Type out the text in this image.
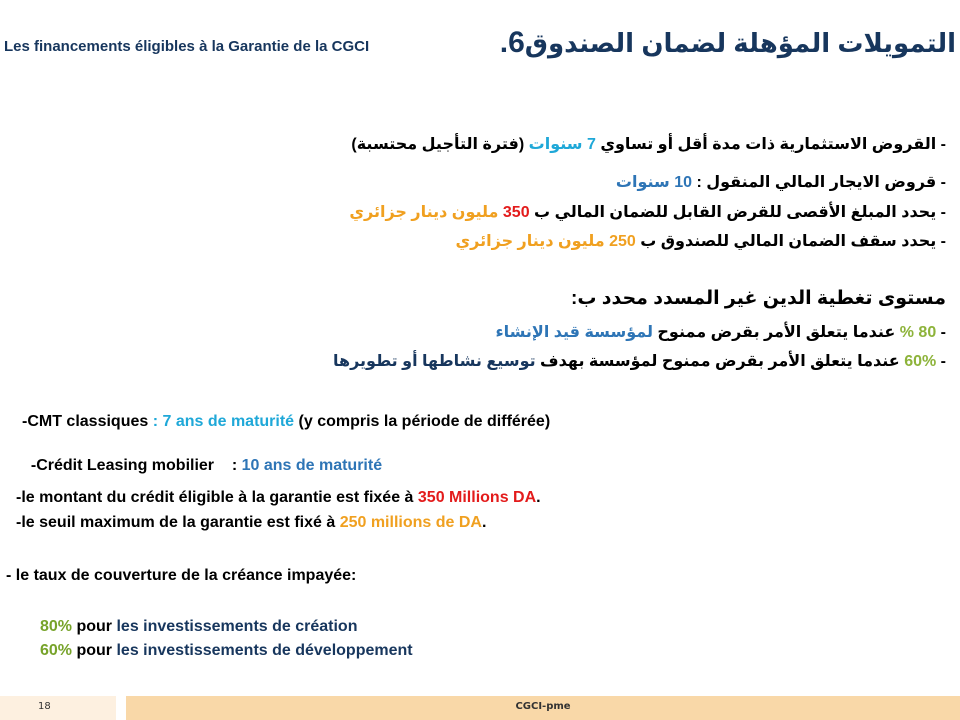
Les financements éligibles à la Garantie de la CGCI	التمويلات المؤهلة لضمان الصندوق6.
- القروض الاستثمارية ذات مدة أقل أو تساوي 7 سنوات (فترة التأجيل محتسبة)
- قروض الايجار المالي المنقول : 10 سنوات
- يحدد المبلغ الأقصى للقرض القابل للضمان المالي ب 350 مليون دينار جزائري
- يحدد سقف الضمان المالي للصندوق ب 250 مليون دينار جزائري
مستوى تغطية الدين غير المسدد محدد ب:
- 80 % عندما يتعلق الأمر بقرض ممنوح لمؤسسة قيد الإنشاء
- 60% عندما يتعلق الأمر بقرض ممنوح لمؤسسة بهدف توسيع نشاطها أو تطويرها
-CMT classiques : 7 ans de maturité (y compris la période de différée)

-Crédit Leasing mobilier    : 10 ans de maturité

-le montant du crédit éligible à la garantie est fixée à 350 Millions DA.
-le seuil maximum de la garantie est fixé à 250 millions de DA.
- le taux de couverture de la créance impayée:
80% pour les investissements de création
60% pour les investissements de développement
18	CGCI-pme
